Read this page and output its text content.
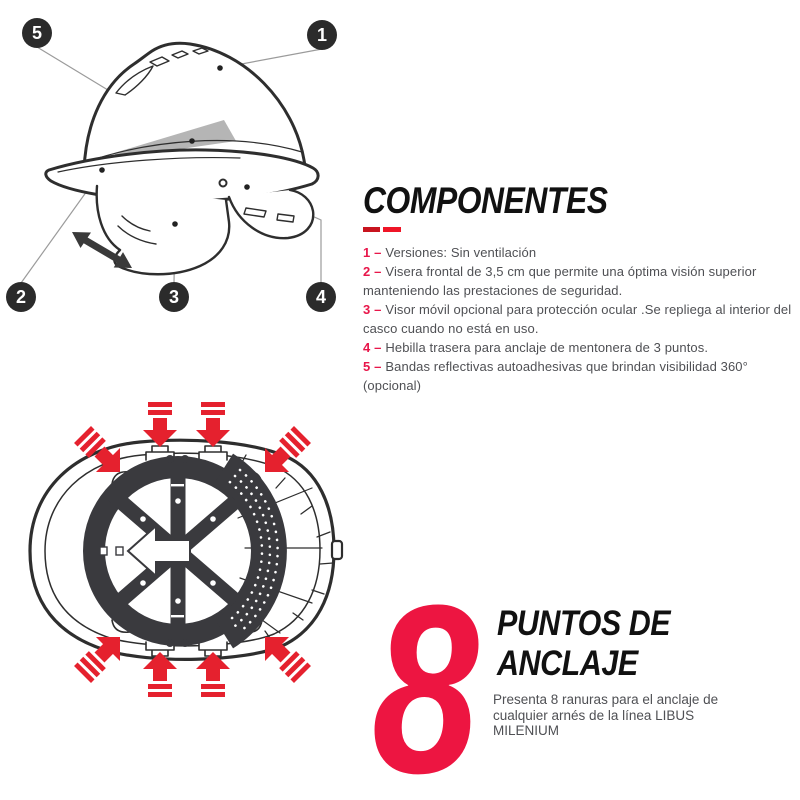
1
2	3	4
5
COMPONENTES
1 – Versiones: Sin ventilación
2 – Visera frontal de 3,5 cm que permite una óptima visión superior manteniendo las prestaciones de seguridad.
3 – Visor móvil opcional para protección ocular .Se repliega al interior del casco cuando no está en uso.
4 – Hebilla trasera para anclaje de mentonera de 3 puntos.
5 – Bandas reflectivas autoadhesivas que brindan visibilidad 360° (opcional)
8 PUNTOS DE
ANCLAJE

Presenta 8 ranuras para el anclaje de cualquier arnés de la línea LIBUS MILENIUM
